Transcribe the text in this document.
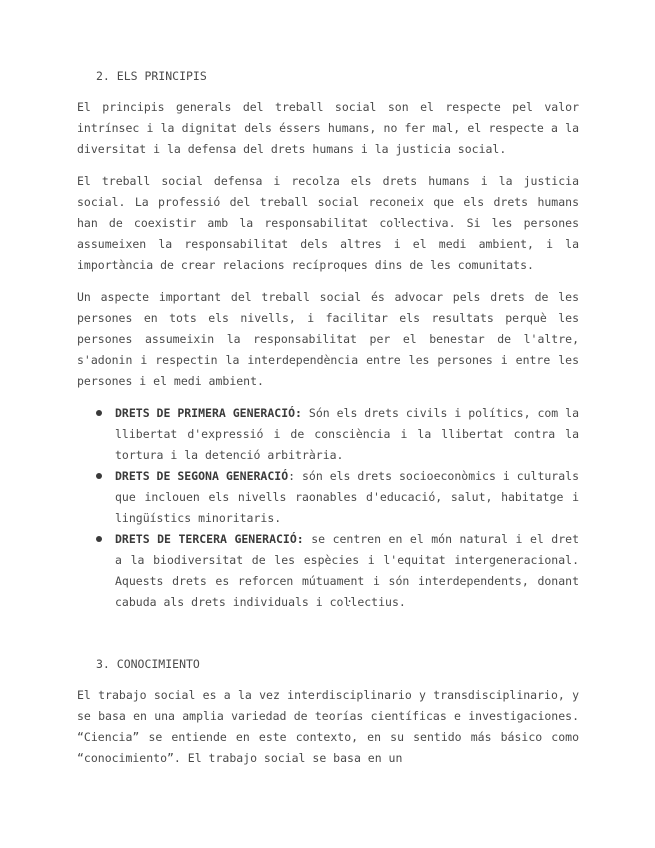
2. ELS PRINCIPIS

El principis generals del treball social son el respecte pel valor intrínsec i la dignitat dels éssers humans, no fer mal, el respecte a la diversitat i la defensa del drets humans i la justicia social.

El treball social defensa i recolza els drets humans i la justicia social. La professió del treball social reconeix que els drets humans han de coexistir amb la responsabilitat coŀlectiva. Si les persones assumeixen la responsabilitat dels altres i el medi ambient, i la importància de crear relacions recíproques dins de les comunitats.

Un aspecte important del treball social és advocar pels drets de les persones en tots els nivells, i facilitar els resultats perquè les persones assumeixin la responsabilitat per el benestar de l'altre, s'adonin i respectin la interdependència entre les persones i entre les persones i el medi ambient.

DRETS DE PRIMERA GENERACIÓ: Són els drets civils i polítics, com la llibertat d'expressió i de consciència i la llibertat contra la tortura i la detenció arbitrària.
DRETS DE SEGONA GENERACIÓ: són els drets socioeconòmics i culturals que inclouen els nivells raonables d'educació, salut, habitatge i lingüístics minoritaris.
DRETS DE TERCERA GENERACIÓ: se centren en el món natural i el dret a la biodiversitat de les espècies i l'equitat intergeneracional. Aquests drets es reforcen mútuament i són interdependents, donant cabuda als drets individuals i coŀlectius.
3. CONOCIMIENTO

El trabajo social es a la vez interdisciplinario y transdisciplinario, y se basa en una amplia variedad de teorías científicas e investigaciones. “Ciencia” se entiende en este contexto, en su sentido más básico como “conocimiento”. El trabajo social se basa en un
